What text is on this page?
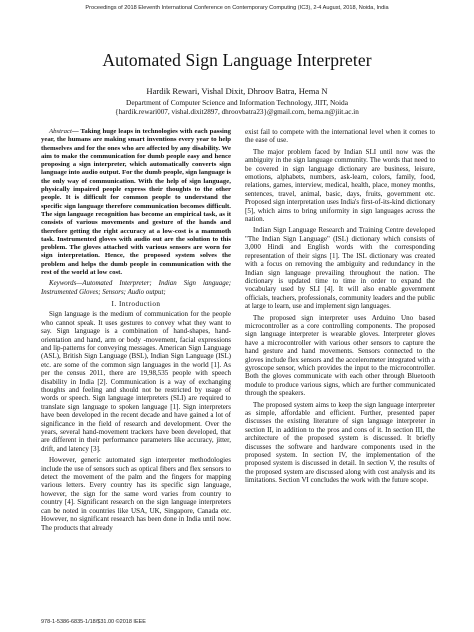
Proceedings of 2018 Eleventh International Conference on Contemporary Computing (IC3), 2-4 August, 2018, Noida, India
Automated Sign Language Interpreter
Hardik Rewari, Vishal Dixit, Dhroov Batra, Hema N
Department of Computer Science and Information Technology, JIIT, Noida
{hardik.rewari007, vishal.dixit2897, dhroovbatra23}@gmail.com, hema.n@jiit.ac.in

Abstract— Taking huge leaps in technologies with each passing year, the humans are making smart inventions every year to help themselves and for the ones who are affected by any disability. We aim to make the communication for dumb people easy and hence proposing a sign interpreter, which automatically converts sign language into audio output. For the dumb people, sign language is the only way of communication. With the help of sign language, physically impaired people express their thoughts to the other people. It is difficult for common people to understand the specific sign language therefore communication becomes difficult. The sign language recognition has become an empirical task, as it consists of various movements and gesture of the hands and therefore getting the right accuracy at a low-cost is a mammoth task. Instrumented gloves with audio out are the solution to this problem. The gloves attached with various sensors are worn for sign interpretation. Hence, the proposed system solves the problem and helps the dumb people in communication with the rest of the world at low cost.

Keywords—Automated Interpreter; Indian Sign language; Instrumented Gloves; Sensors; Audio output;

I. Introduction

Sign language is the medium of communication for the people who cannot speak. It uses gestures to convey what they want to say. Sign language is a combination of hand-shapes, hand-orientation and hand, arm or body -movement, facial expressions and lip-patterns for conveying messages. American Sign Language (ASL), British Sign Language (BSL), Indian Sign Language (ISL) etc. are some of the common sign languages in the world [1]. As per the census 2011, there are 19,98,535 people with speech disability in India [2]. Communication is a way of exchanging thoughts and feeling and should not be restricted by usage of words or speech. Sign language interpreters (SLI) are required to translate sign language to spoken language [1]. Sign interpreters have been developed in the recent decade and have gained a lot of significance in the field of research and development. Over the years, several hand-movement trackers have been developed, that are different in their performance parameters like accuracy, jitter, drift, and latency [3].

However, generic automated sign interpreter methodologies include the use of sensors such as optical fibers and flex sensors to detect the movement of the palm and the fingers for mapping various letters. Every country has its specific sign language, however, the sign for the same word varies from country to country [4]. Significant research on the sign language interpreters can be noted in countries like USA, UK, Singapore, Canada etc. However, no significant research has been done in India until now. The products that already

exist fail to compete with the international level when it comes to the ease of use.

The major problem faced by Indian SLI until now was the ambiguity in the sign language community. The words that need to be covered in sign language dictionary are business, leisure, emotions, alphabets, numbers, ask-learn, colors, family, food, relations, games, interview, medical, health, place, money months, sentences, travel, animal, basic, days, fruits, government etc. Proposed sign interpretation uses India's first-of-its-kind dictionary [5], which aims to bring uniformity in sign languages across the nation.

Indian Sign Language Research and Training Centre developed "The Indian Sign Language" (ISL) dictionary which consists of 3,000 Hindi and English words with the corresponding representation of their signs [1]. The ISL dictionary was created with a focus on removing the ambiguity and redundancy in the Indian sign language prevailing throughout the nation. The dictionary is updated time to time in order to expand the vocabulary used by SLI [4]. It will also enable government officials, teachers, professionals, community leaders and the public at large to learn, use and implement sign languages.

The proposed sign interpreter uses Arduino Uno based microcontroller as a core controlling components. The proposed sign language interpreter is wearable gloves. Interpreter gloves have a microcontroller with various other sensors to capture the hand gesture and hand movements. Sensors connected to the gloves include flex sensors and the accelerometer integrated with a gyroscope sensor, which provides the input to the microcontroller. Both the gloves communicate with each other through Bluetooth module to produce various signs, which are further communicated through the speakers.

The proposed system aims to keep the sign language interpreter as simple, affordable and efficient. Further, presented paper discusses the existing literature of sign language interpreter in section II, in addition to the pros and cons of it. In section III, the architecture of the proposed system is discussed. It briefly discusses the software and hardware components used in the proposed system. In section IV, the implementation of the proposed system is discussed in detail. In section V, the results of the proposed system are discussed along with cost analysis and its limitations. Section VI concludes the work with the future scope.

978-1-5386-6835-1/18/$31.00 ©2018 IEEE
